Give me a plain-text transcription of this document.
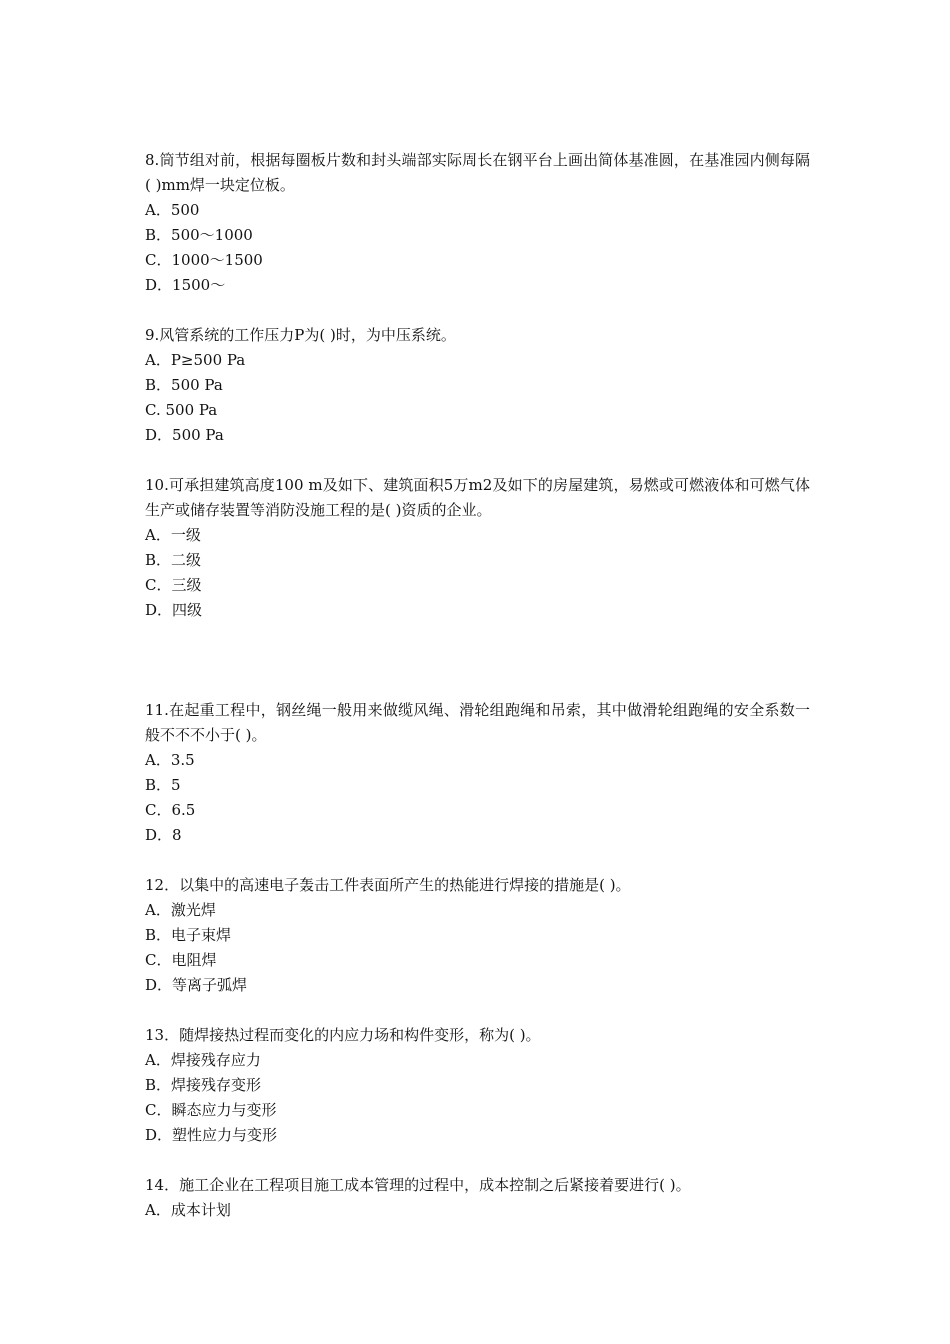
8.筒节组对前，根据每圈板片数和封头端部实际周长在钢平台上画出简体基准圆，在基准园内侧每隔( )mm焊一块定位板。
A．500
B．500～1000
C．1000～1500
D．1500～
9.风管系统的工作压力P为( )时，为中压系统。
A．P≥500 Pa
B．500 Pa
C. 500 Pa
D．500 Pa
10.可承担建筑高度100 m及如下、建筑面积5万m2及如下的房屋建筑，易燃或可燃液体和可燃气体生产或储存装置等消防没施工程的是( )资质的企业。
A．一级
B．二级
C．三级
D．四级
11.在起重工程中，钢丝绳一般用来做缆风绳、滑轮组跑绳和吊索，其中做滑轮组跑绳的安全系数一般不不不小于( )。
A．3.5
B．5
C．6.5
D．8
12．以集中的高速电子轰击工件表面所产生的热能进行焊接的措施是( )。
A．激光焊
B．电子束焊
C．电阻焊
D．等离子弧焊
13．随焊接热过程而变化的内应力场和构件变形，称为( )。
A．焊接残存应力
B．焊接残存变形
C．瞬态应力与变形
D．塑性应力与变形
14．施工企业在工程项目施工成本管理的过程中，成本控制之后紧接着要进行( )。
A．成本计划
